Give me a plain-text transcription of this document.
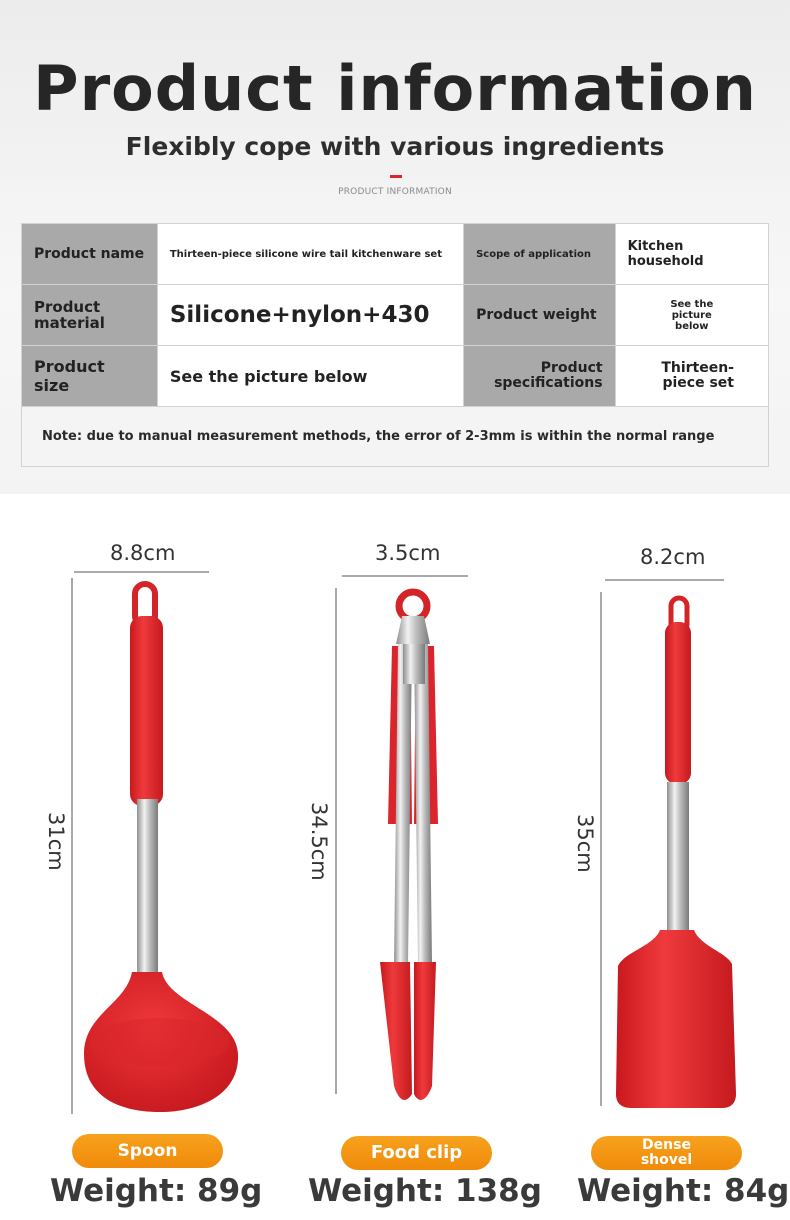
Product information
Flexibly cope with various ingredients
PRODUCT INFORMATION
Product name	Thirteen-piece silicone wire tail kitchenware set	Scope of application	Kitchen household
Product material	Silicone+nylon+430	Product weight	See the picture below
Product size	See the picture below	Product specifications	Thirteen-piece set
Note: due to manual measurement methods, the error of 2-3mm is within the normal range			
8.8cm
31cm
3.5cm
34.5cm
8.2cm
35cm
Spoon	Food clip	Dense shovel
Weight: 89g Weight: 138g Weight: 84g
